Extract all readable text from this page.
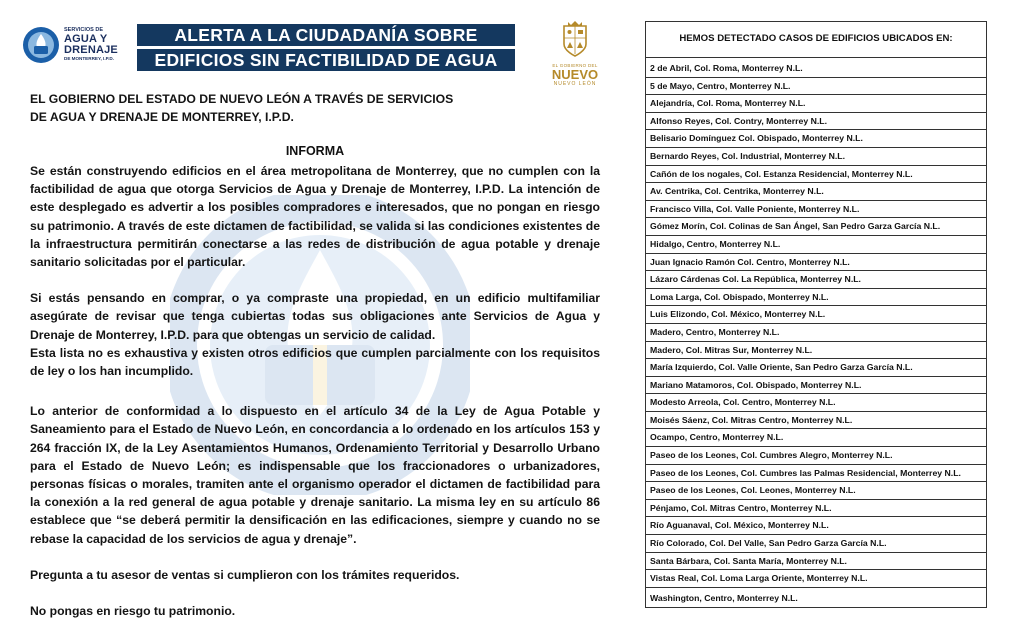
SERVICIOS DE
AGUA Y
DRENAJE
DE MONTERREY, I.P.D.
ALERTA A LA CIUDADANÍA SOBRE
EDIFICIOS SIN FACTIBILIDAD DE AGUA	EL GOBIERNO DEL
NUEVO
NUEVO LEÓN
EL GOBIERNO DEL ESTADO DE NUEVO LEÓN A TRAVÉS DE SERVICIOS
DE AGUA Y DRENAJE DE MONTERREY, I.P.D.
INFORMA

Se están construyendo edificios en el área metropolitana de Monterrey, que no cumplen con la factibilidad de agua que otorga Servicios de Agua y Drenaje de Monterrey, I.P.D. La intención de este desplegado es advertir a los posibles compradores e interesados, que no pongan en riesgo su patrimonio. A través de este dictamen de factibilidad, se valida si las condiciones existentes de la infraestructura permitirán conectarse a las redes de distribución de agua potable y drenaje sanitario solicitadas por el particular.

Si estás pensando en comprar, o ya compraste una propiedad, en un edificio multifamiliar asegúrate de revisar que tenga cubiertas todas sus obligaciones ante Servicios de Agua y Drenaje de Monterrey, I.P.D. para que obtengas un servicio de calidad.

Esta lista no es exhaustiva y existen otros edificios que cumplen parcialmente con los requisitos de ley o los han incumplido.

Lo anterior de conformidad a lo dispuesto en el artículo 34 de la Ley de Agua Potable y Saneamiento para el Estado de Nuevo León, en concordancia a lo ordenado en los artículos 153 y 264 fracción IX, de la Ley Asentamientos Humanos, Ordenamiento Territorial y Desarrollo Urbano para el Estado de Nuevo León; es indispensable que los fraccionadores o urbanizadores, personas físicas o morales, tramiten ante el organismo operador el dictamen de factibilidad para la conexión a la red general de agua potable y drenaje sanitario. La misma ley en su artículo 86 establece que “se deberá permitir la densificación en las edificaciones, siempre y cuando no se rebase la capacidad de los servicios de agua y drenaje”.

Pregunta a tu asesor de ventas si cumplieron con los trámites requeridos.

No pongas en riesgo tu patrimonio.

HEMOS DETECTADO CASOS DE EDIFICIOS UBICADOS EN:
2 de Abril, Col. Roma, Monterrey N.L.
5 de Mayo, Centro, Monterrey N.L.
Alejandría, Col. Roma, Monterrey N.L.
Alfonso Reyes, Col. Contry, Monterrey N.L.
Belisario Domínguez Col. Obispado, Monterrey N.L.
Bernardo Reyes, Col. Industrial, Monterrey N.L.
Cañón de los nogales, Col. Estanza Residencial, Monterrey N.L.
Av. Centrika, Col. Centrika, Monterrey N.L.
Francisco Villa, Col. Valle Poniente, Monterrey N.L.
Gómez Morín, Col. Colinas de San Ángel, San Pedro Garza García N.L.
Hidalgo, Centro, Monterrey N.L.
Juan Ignacio Ramón Col. Centro, Monterrey N.L.
Lázaro Cárdenas Col. La República, Monterrey N.L.
Loma Larga, Col. Obispado, Monterrey N.L.
Luis Elizondo, Col. México, Monterrey N.L.
Madero, Centro, Monterrey N.L.
Madero, Col. Mitras Sur, Monterrey N.L.
María Izquierdo, Col. Valle Oriente, San Pedro Garza García N.L.
Mariano Matamoros, Col. Obispado, Monterrey N.L.
Modesto Arreola, Col. Centro, Monterrey N.L.
Moisés Sáenz, Col. Mitras Centro, Monterrey N.L.
Ocampo, Centro, Monterrey N.L.
Paseo de los Leones, Col. Cumbres Alegro, Monterrey N.L.
Paseo de los Leones, Col. Cumbres las Palmas Residencial, Monterrey N.L.
Paseo de los Leones, Col. Leones, Monterrey N.L.
Pénjamo, Col. Mitras Centro, Monterrey N.L.
Río Aguanaval, Col. México, Monterrey N.L.
Río Colorado, Col. Del Valle, San Pedro Garza García N.L.
Santa Bárbara, Col. Santa María, Monterrey N.L.
Vistas Real, Col. Loma Larga Oriente, Monterrey N.L.
Washington, Centro, Monterrey N.L.
